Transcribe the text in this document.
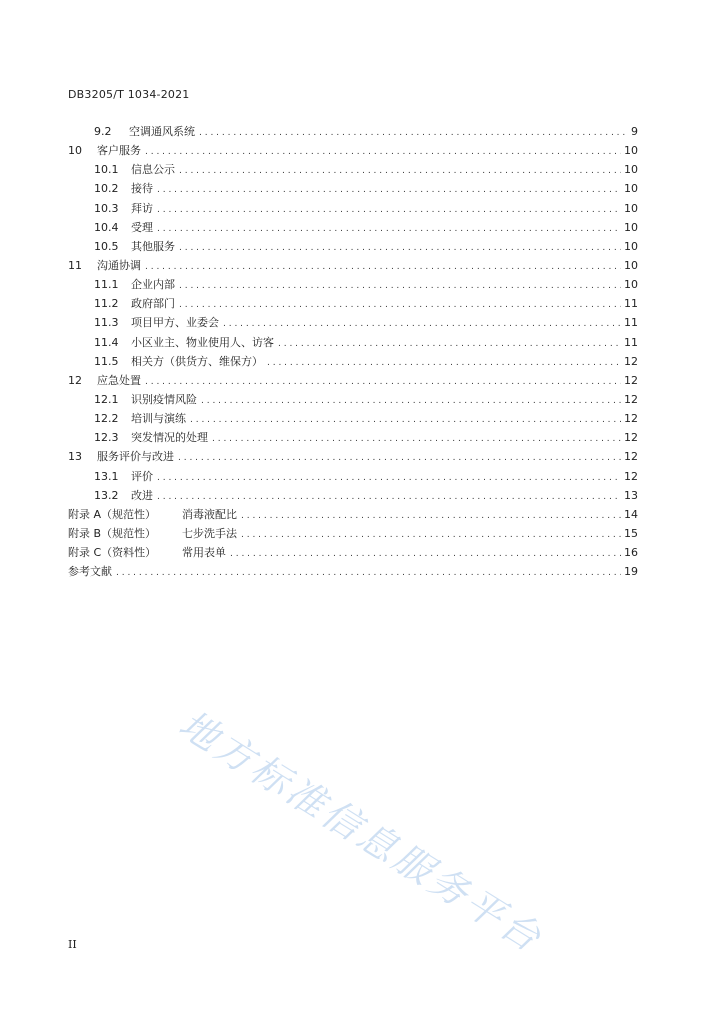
DB3205/T 1034-2021
9.2	空调通风系统 . . .	9
10	客户服务 . . .	10
10.1	信息公示 . . .	10
10.2	接待 . . .	10
10.3	拜访 . . .	10
10.4	受理 . . .	10
10.5	其他服务 . . .	10
11	沟通协调 . . .	10
11.1	企业内部 . . .	10
11.2	政府部门 . . .	11
11.3	项目甲方、业委会 . . .	11
11.4	小区业主、物业使用人、访客 . . .	11
11.5	相关方（供货方、维保方） . . .	12
12	应急处置 . . .	12
12.1	识别疫情风险 . . .	12
12.2	培训与演练 . . .	12
12.3	突发情况的处理 . . .	12
13	服务评价与改进 . . .	12
13.1	评价 . . .	12
13.2	改进 . . .	13
附录 A（规范性）	消毒液配比 . . .	14
附录 B（规范性）	七步洗手法 . . .	15
附录 C（资料性）	常用表单 . . .	16
参考文献 . . .	19
地方标准信息服务平台
II
